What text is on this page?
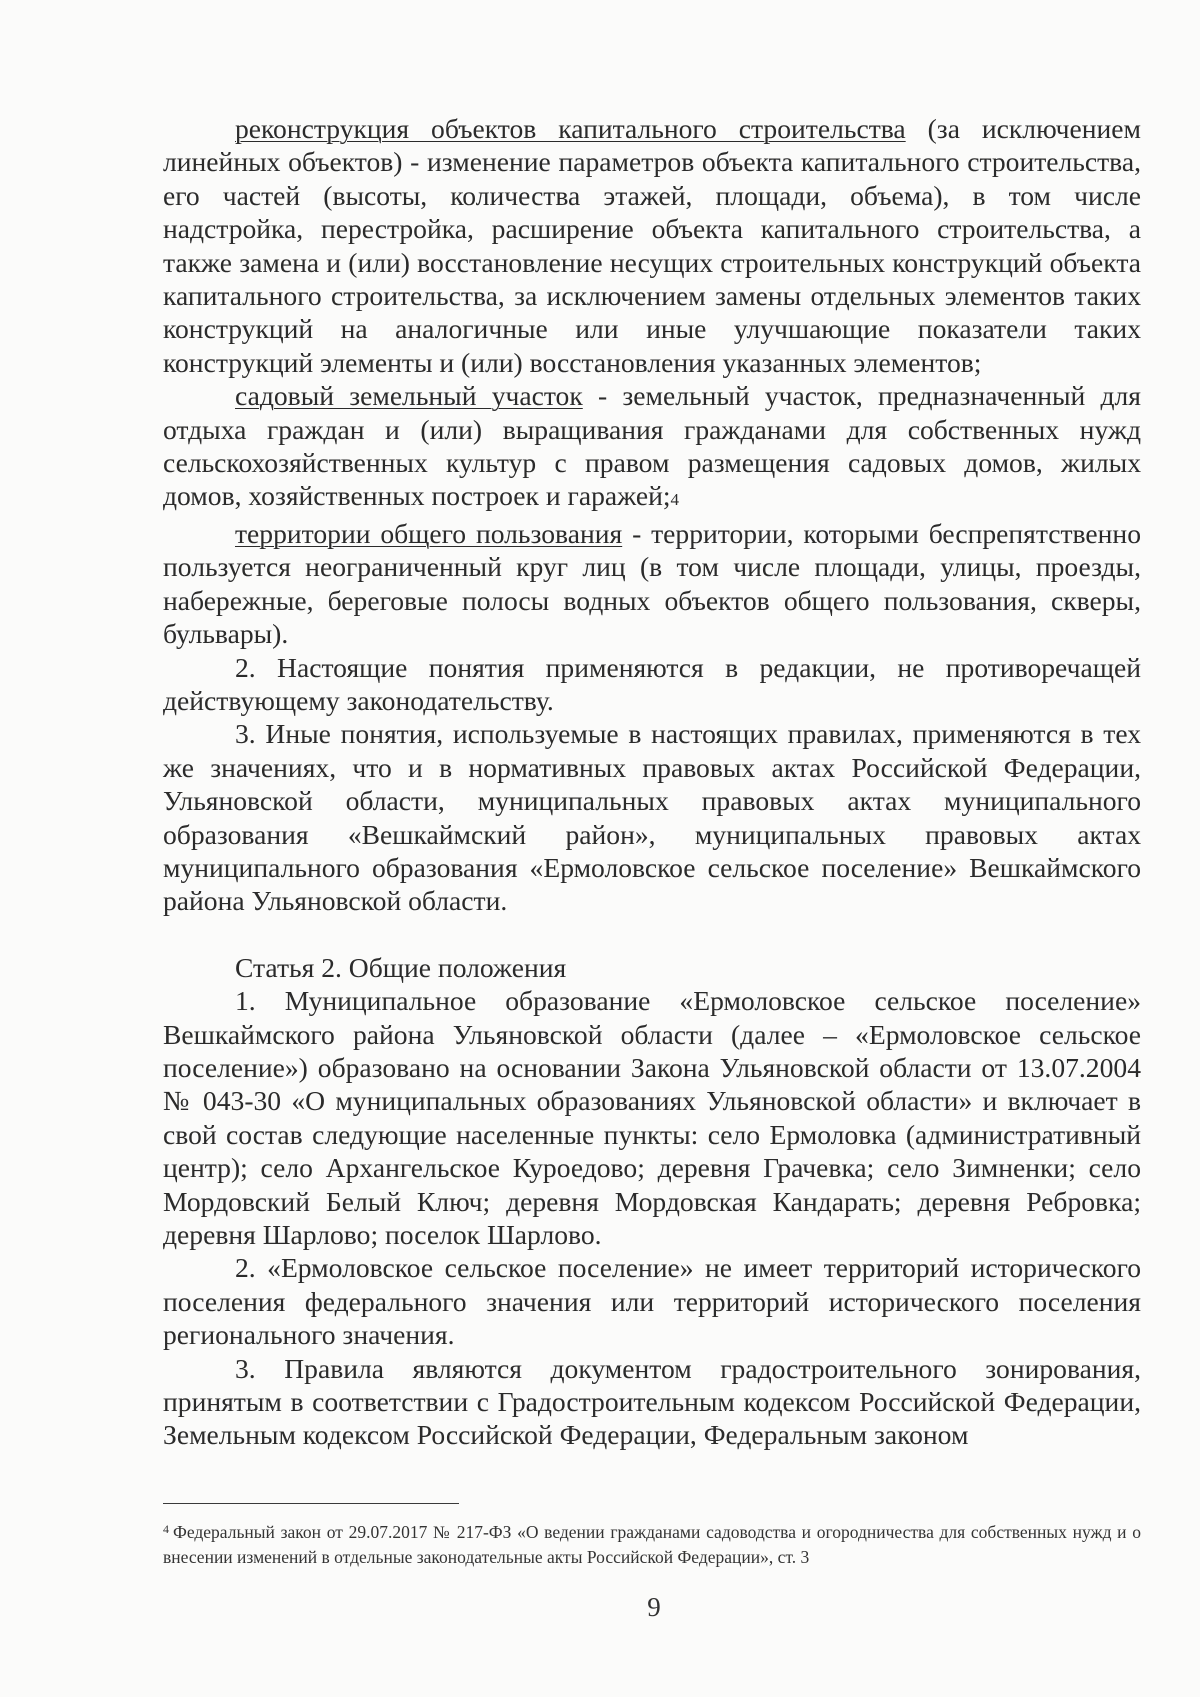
реконструкция объектов капитального строительства (за исключением линейных объектов) - изменение параметров объекта капитального строительства, его частей (высоты, количества этажей, площади, объема), в том числе надстройка, перестройка, расширение объекта капитального строительства, а также замена и (или) восстановление несущих строительных конструкций объекта капитального строительства, за исключением замены отдельных элементов таких конструкций на аналогичные или иные улучшающие показатели таких конструкций элементы и (или) восстановления указанных элементов;

садовый земельный участок - земельный участок, предназначенный для отдыха граждан и (или) выращивания гражданами для собственных нужд сельскохозяйственных культур с правом размещения садовых домов, жилых домов, хозяйственных построек и гаражей;4

территории общего пользования - территории, которыми беспрепятственно пользуется неограниченный круг лиц (в том числе площади, улицы, проезды, набережные, береговые полосы водных объектов общего пользования, скверы, бульвары).

2. Настоящие понятия применяются в редакции, не противоречащей действующему законодательству.

3. Иные понятия, используемые в настоящих правилах, применяются в тех же значениях, что и в нормативных правовых актах Российской Федерации, Ульяновской области, муниципальных правовых актах муниципального образования «Вешкаймский район», муниципальных правовых актах муниципального образования «Ермоловское сельское поселение» Вешкаймского района Ульяновской области.

Статья 2. Общие положения

1. Муниципальное образование «Ермоловское сельское поселение» Вешкаймского района Ульяновской области (далее – «Ермоловское сельское поселение») образовано на основании Закона Ульяновской области от 13.07.2004 № 043-30 «О муниципальных образованиях Ульяновской области» и включает в свой состав следующие населенные пункты: село Ермоловка (административный центр); село Архангельское Куроедово; деревня Грачевка; село Зимненки; село Мордовский Белый Ключ; деревня Мордовская Кандарать; деревня Ребровка; деревня Шарлово; поселок Шарлово.

2. «Ермоловское сельское поселение» не имеет территорий исторического поселения федерального значения или территорий исторического поселения регионального значения.

3. Правила являются документом градостроительного зонирования, принятым в соответствии с Градостроительным кодексом Российской Федерации, Земельным кодексом Российской Федерации, Федеральным законом

$^4$ Федеральный закон от 29.07.2017 № 217-ФЗ «О ведении гражданами садоводства и огородничества для собственных нужд и о внесении изменений в отдельные законодательные акты Российской Федерации», ст. 3
9
